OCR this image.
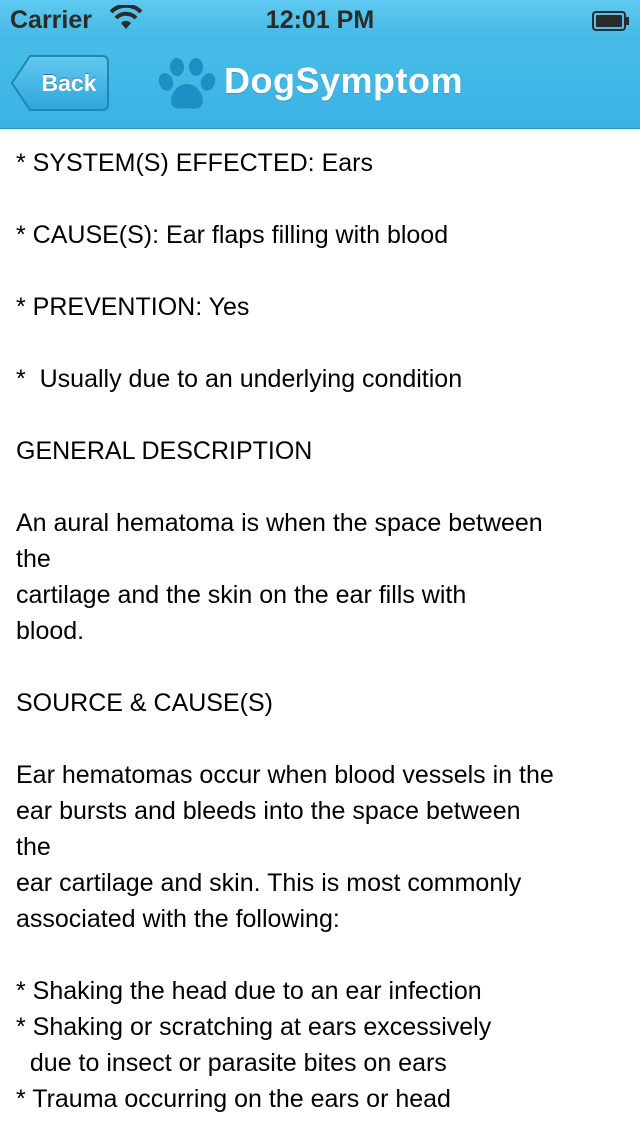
Carrier	12:01 PM
Back	DogSymptom
* SYSTEM(S) EFFECTED: Ears
* CAUSE(S): Ear flaps filling with blood
* PREVENTION: Yes
*  Usually due to an underlying condition
GENERAL DESCRIPTION
An aural hematoma is when the space between
the
cartilage and the skin on the ear fills with
blood.
SOURCE & CAUSE(S)
Ear hematomas occur when blood vessels in the
ear bursts and bleeds into the space between
the
ear cartilage and skin. This is most commonly
associated with the following:
* Shaking the head due to an ear infection
* Shaking or scratching at ears excessively
due to insect or parasite bites on ears
* Trauma occurring on the ears or head
